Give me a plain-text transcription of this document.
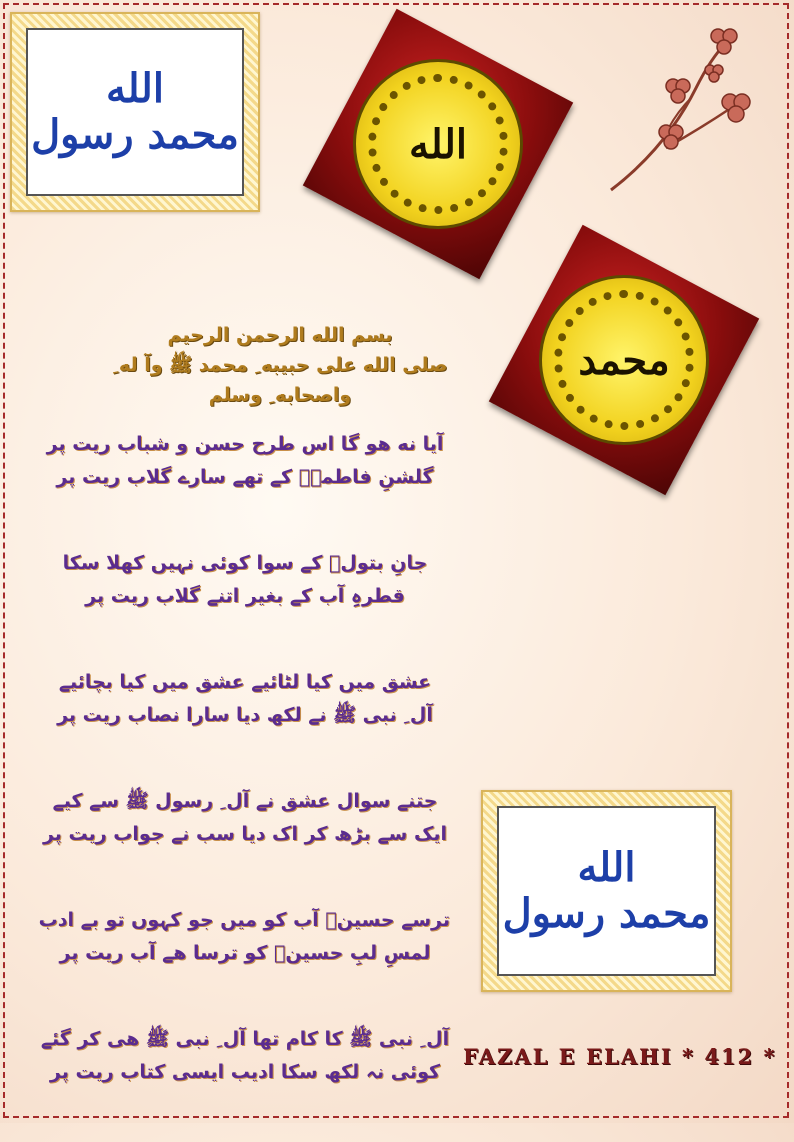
الله
محمد رسول	الله
محمد
بسم الله الرحمن الرحیم
صلی الله علی حبیبه ِ محمد ﷺ وآ له ِ واصحابه ِ وسلم
آیا نه هو گا اس طرح حسن و شباب ریت پر
گلشنِ فاطمہؓ کے تھے سارے گلاب ریت پر
جانِ بتولؓ کے سوا کوئی نہیں کھلا سکا
قطرہِ آب کے بغیر اتنے گلاب ریت پر
عشق میں کیا لٹائیے عشق میں کیا بچائیے
آل ِ نبی ﷺ نے لکھ دیا سارا نصاب ریت پر
جتنے سوال عشق نے آل ِ رسول ﷺ سے کیے
ایک سے بڑھ کر اک دیا سب نے جواب ریت پر
ترسے حسینؓ آب کو میں جو کہوں تو بے ادب
لمسِ لبِ حسینؓ کو ترسا ھے آب ریت پر
آل ِ نبی ﷺ کا کام تھا آل ِ نبی ﷺ ھی کر گئے
کوئی نہ لکھ سکا ادیب ایسی کتاب ریت پر
الله
محمد رسول
FAZAL E ELAHI * 412 *
